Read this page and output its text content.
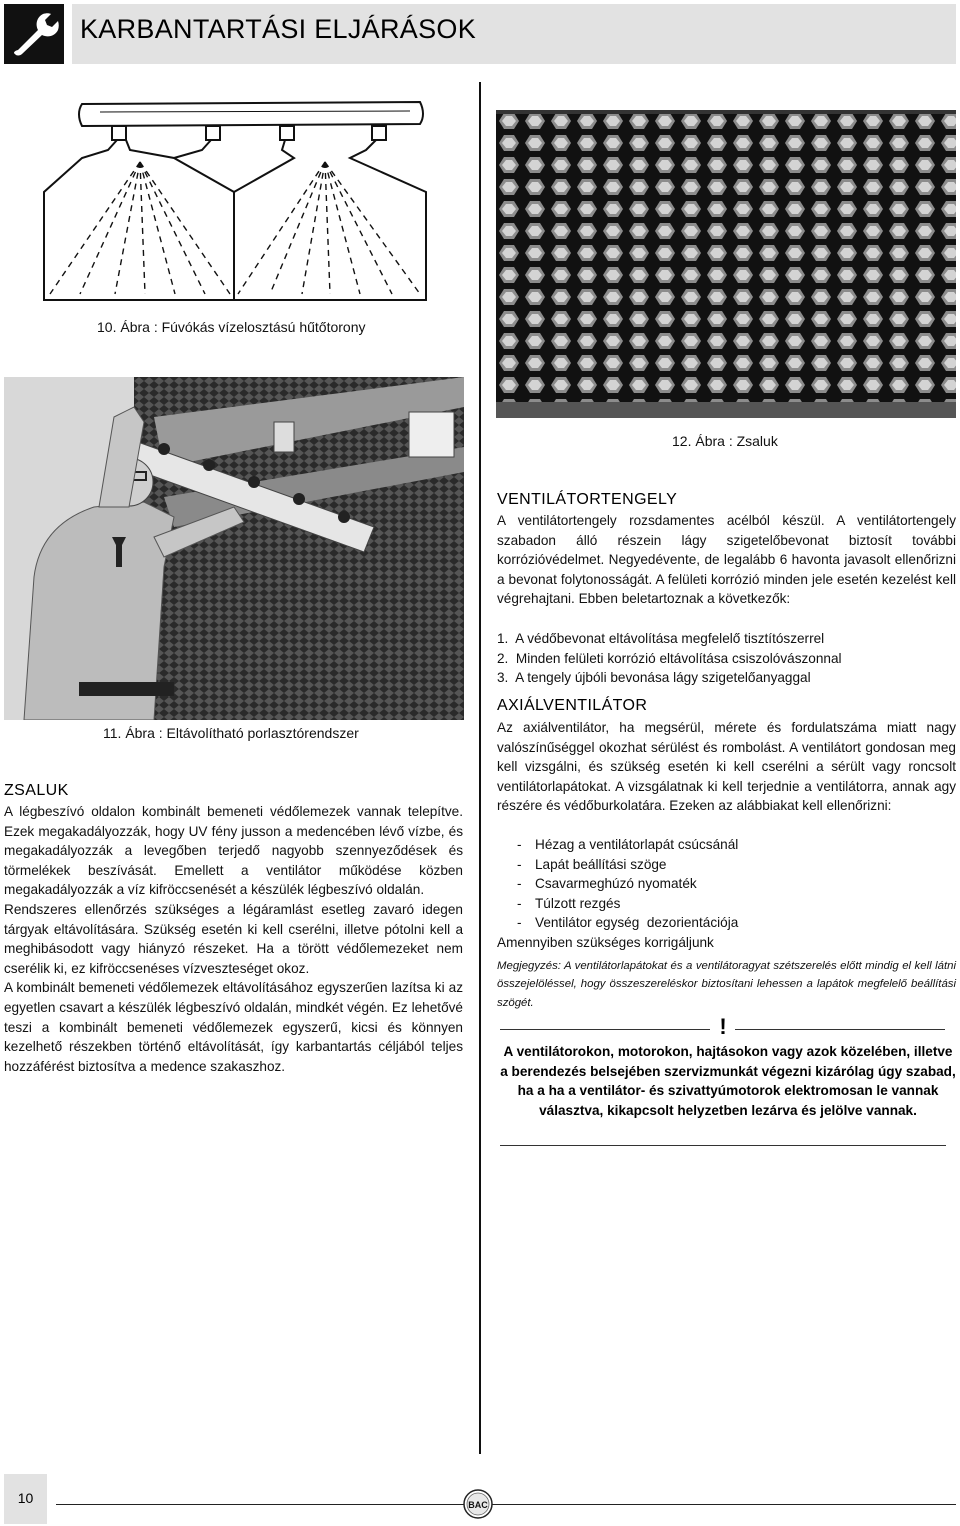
KARBANTARTÁSI ELJÁRÁSOK
10. Ábra : Fúvókás vízelosztású hűtőtorony
11. Ábra : Eltávolítható porlasztórendszer
12. Ábra : Zsaluk
ZSALUK

A légbeszívó oldalon kombinált bemeneti védőlemezek vannak telepítve. Ezek megakadályozzák, hogy UV fény jusson a medencében lévő vízbe, és megakadályozzák a levegőben terjedő nagyobb szennyeződések és törmelékek beszívását. Emellett a ventilátor működése közben megakadályozzák a víz kifröccsenését a készülék légbeszívó oldalán.

Rendszeres ellenőrzés szükséges a légáramlást esetleg zavaró idegen tárgyak eltávolítására. Szükség esetén ki kell cserélni, illetve pótolni kell a meghibásodott vagy hiányzó részeket. Ha a törött védőlemezeket nem cserélik ki, ez kifröccsenéses vízveszteséget okoz.

A kombinált bemeneti védőlemezek eltávolításához egyszerűen lazítsa ki az egyetlen csavart a készülék légbeszívó oldalán, mindkét végén. Ez lehetővé teszi a kombinált bemeneti védőlemezek egyszerű, kicsi és könnyen kezelhető részekben történő eltávolítását, így karbantartás céljából teljes hozzáférést biztosítva a medence szakaszhoz.

VENTILÁTORTENGELY

A ventilátortengely rozsdamentes acélból készül. A ventilátortengely szabadon álló részein lágy szigetelőbevonat biztosít további korrózióvédelmet. Negyedévente, de legalább 6 havonta javasolt ellenőrizni a bevonat folytonosságát. A felületi korrózió minden jele esetén kezelést kell végrehajtani. Ebben beletartoznak a következők:

1.  A védőbevonat eltávolítása megfelelő tisztítószerrel

2.  Minden felületi korrózió eltávolítása csiszolóvászonnal

3.  A tengely újbóli bevonása lágy szigetelőanyaggal

AXIÁLVENTILÁTOR

Az axiálventilátor, ha megsérül, mérete és fordulatszáma miatt nagy valószínűséggel okozhat sérülést és rombolást. A ventilátort gondosan meg kell vizsgálni, és szükség esetén ki kell cserélni a sérült vagy roncsolt ventilátorlapátokat. A vizsgálatnak ki kell terjednie a ventilátorra, annak agy részére és védőburkolatára. Ezeken az alábbiakat kell ellenőrizni:

- Hézag a ventilátorlapát csúcsánál
- Lapát beállítási szöge
- Csavarmeghúzó nyomaték
- Túlzott rezgés
- Ventilátor egység  dezorientációja
Amennyiben szükséges korrigáljunk
Megjegyzés: A ventilátorlapátokat és a ventilátoragyat szétszerelés előtt mindig el kell látni összejelöléssel, hogy összeszereléskor biztosítani lehessen a lapátok megfelelő beállítási szögét.
!
A ventilátorokon, motorokon, hajtásokon vagy azok közelében, illetve a berendezés belsejében szervizmunkát végezni kizárólag úgy szabad, ha a ha a ventilátor- és szivattyúmotorok elektromosan le vannak választva, kikapcsolt helyzetben lezárva és jelölve vannak.
10	BAC
